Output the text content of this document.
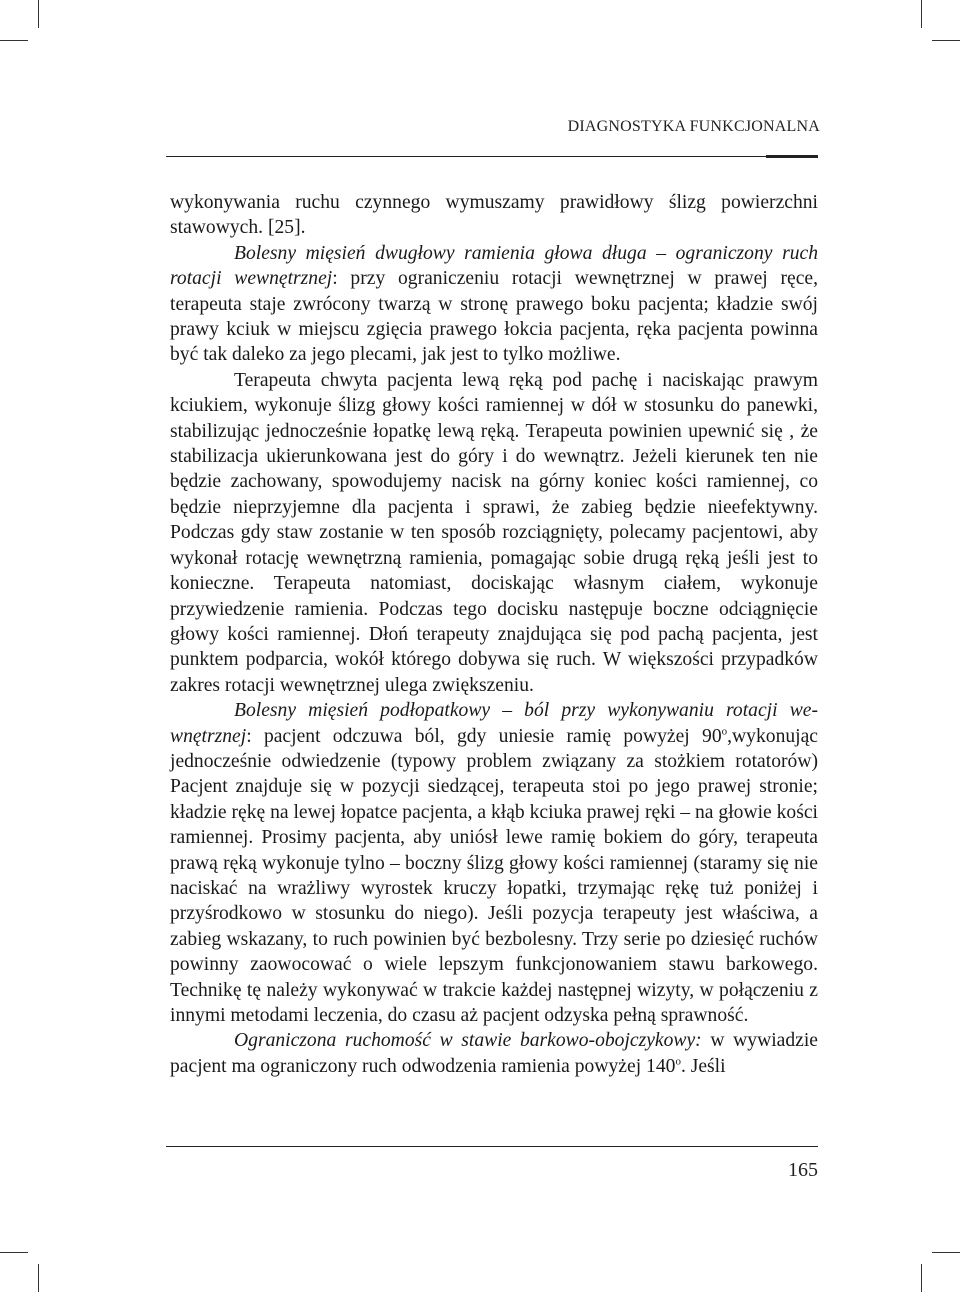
DIAGNOSTYKA FUNKCJONALNA

wykonywania ruchu czynnego wymuszamy prawidłowy ślizg powierzchni stawowych. [25].

Bolesny mięsień dwugłowy ramienia głowa długa – ograniczony ruch rotacji wewnętrznej: przy ograniczeniu rotacji wewnętrznej w prawej ręce, terapeuta staje zwrócony twarzą w stronę prawego boku pacjenta; kładzie swój prawy kciuk w miejscu zgięcia prawego łokcia pacjenta, ręka pacjenta powinna być tak daleko za jego plecami, jak jest to tylko możliwe.

Terapeuta chwyta pacjenta lewą ręką pod pachę i naciskając prawym kciukiem, wykonuje ślizg głowy kości ramiennej w dół w stosunku do panewki, stabilizując jednocześnie łopatkę lewą ręką. Terapeuta powinien upewnić się , że stabilizacja ukierunkowana jest do góry i do wewnątrz. Jeżeli kierunek ten nie będzie zachowany, spowodujemy nacisk na górny koniec kości ramiennej, co będzie nieprzyjemne dla pacjenta i sprawi, że zabieg będzie nieefektywny. Podczas gdy staw zostanie w ten sposób rozciągnięty, polecamy pacjentowi, aby wykonał rotację wewnętrzną ramienia, pomagając sobie drugą ręką jeśli jest to konieczne. Terapeuta natomiast, dociskając własnym ciałem, wykonuje przywiedzenie ramienia. Podczas tego docisku następuje boczne odciągnięcie głowy kości ramiennej. Dłoń terapeuty znajdująca się pod pachą pacjenta, jest punktem podparcia, wokół którego dobywa się ruch. W większości przypadków zakres rotacji wewnętrznej ulega zwiększeniu.

Bolesny mięsień podłopatkowy – ból przy wykonywaniu rotacji wewnętrznej: pacjent odczuwa ból, gdy uniesie ramię powyżej 90$^o$,wykonując jednocześnie odwiedzenie (typowy problem związany za stożkiem rotatorów) Pacjent znajduje się w pozycji siedzącej, terapeuta stoi po jego prawej stronie; kładzie rękę na lewej łopatce pacjenta, a kłąb kciuka prawej ręki – na głowie kości ramiennej. Prosimy pacjenta, aby uniósł lewe ramię bokiem do góry, terapeuta prawą ręką wykonuje tylno – boczny ślizg głowy kości ramiennej (staramy się nie naciskać na wrażliwy wyrostek kruczy łopatki, trzymając rękę tuż poniżej i przyśrodkowo w stosunku do niego). Jeśli pozycja terapeuty jest właściwa, a zabieg wskazany, to ruch powinien być bezbolesny. Trzy serie po dziesięć ruchów powinny zaowocować o wiele lepszym funkcjonowaniem stawu barkowego. Technikę tę należy wykonywać w trakcie każdej następnej wizyty, w połączeniu z innymi metodami leczenia, do czasu aż pacjent odzyska pełną sprawność.

Ograniczona ruchomość w stawie barkowo-obojczykowy: w wywiadzie pacjent ma ograniczony ruch odwodzenia ramienia powyżej 140$^o$. Jeśli

165
